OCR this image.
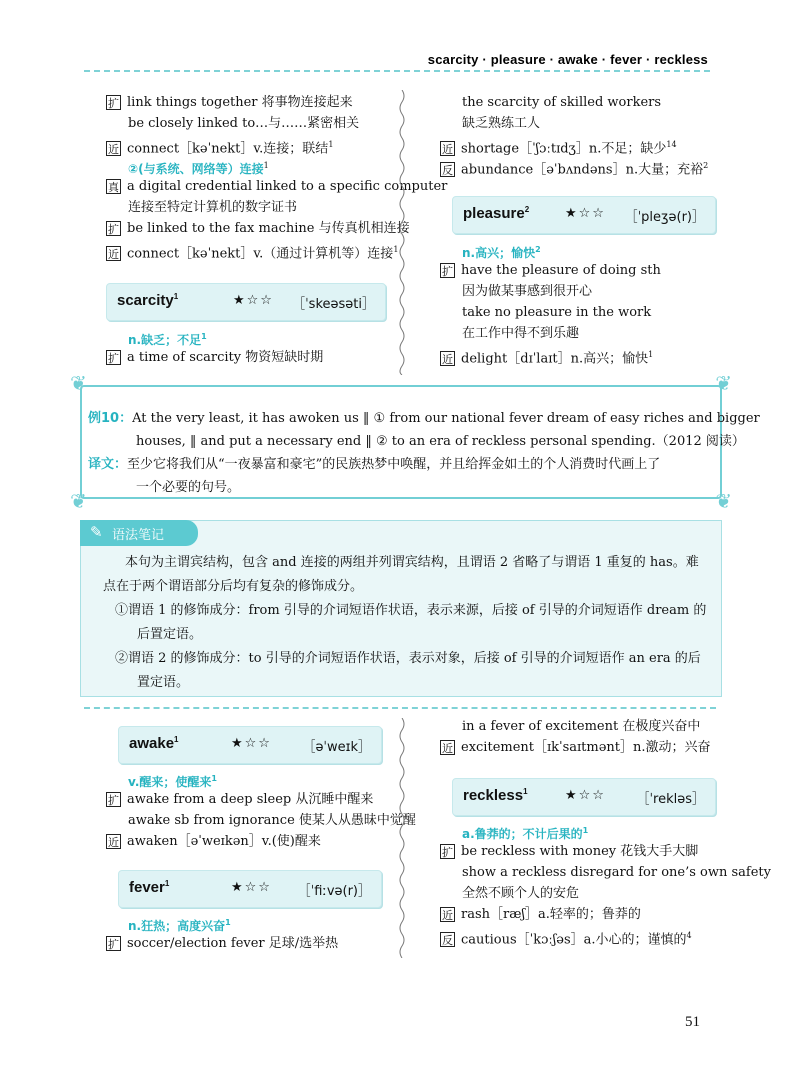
scarcity · pleasure · awake · fever · reckless
扩 link things together 将事物连接起来
be closely linked to…与……紧密相关
近 connect［kəˈnekt］v.连接；联结$^1$
②(与系统、网络等）连接$^1$
真 a digital credential linked to a specific computer
连接至特定计算机的数字证书
扩 be linked to the fax machine 与传真机相连接
近 connect［kəˈnekt］v.（通过计算机等）连接$^1$
scarcity$^1$	★☆☆ ［ˈskeəsəti］
n.缺乏；不足$^1$
扩 a time of scarcity 物资短缺时期
the scarcity of skilled workers
缺乏熟练工人
近 shortage［ˈʃɔːtɪdʒ］n.不足；缺少$^{14}$
反 abundance［əˈbʌndəns］n.大量；充裕$^2$
pleasure$^2$	★☆☆ ［ˈpleʒə(r)］
n.高兴；愉快$^2$
扩 have the pleasure of doing sth
因为做某事感到很开心
take no pleasure in the work
在工作中得不到乐趣
近 delight［dɪˈlaɪt］n.高兴；愉快$^1$
❦	❦
❦	❦
例10：At the very least, it has awoken us ‖ ① from our national fever dream of easy riches and bigger
houses, ‖ and put a necessary end ‖ ② to an era of reckless personal spending.（2012 阅读）
译文：至少它将我们从“一夜暴富和豪宅”的民族热梦中唤醒，并且给挥金如土的个人消费时代画上了
一个必要的句号。

本句为主谓宾结构，包含 and 连接的两组并列谓宾结构，且谓语 2 省略了与谓语 1 重复的 has。难

点在于两个谓语部分后均有复杂的修饰成分。

①谓语 1 的修饰成分：from 引导的介词短语作状语，表示来源，后接 of 引导的介词短语作 dream 的

后置定语。

②谓语 2 的修饰成分：to 引导的介词短语作状语，表示对象，后接 of 引导的介词短语作 an era 的后

置定语。

✎ 语法笔记
awake$^1$	★☆☆ ［əˈweɪk］
v.醒来；使醒来$^1$
扩 awake from a deep sleep 从沉睡中醒来
awake sb from ignorance 使某人从愚昧中觉醒
近 awaken［əˈweɪkən］v.(使)醒来
fever$^1$	★☆☆ ［ˈfiːvə(r)］
n.狂热；高度兴奋$^1$
扩 soccer/election fever 足球/选举热
in a fever of excitement 在极度兴奋中
近 excitement［ɪkˈsaɪtmənt］n.激动；兴奋
reckless$^1$	★☆☆ ［ˈrekləs］
a.鲁莽的；不计后果的$^1$
扩 be reckless with money 花钱大手大脚
show a reckless disregard for one’s own safety
全然不顾个人的安危
近 rash［ræʃ］a.轻率的；鲁莽的
反 cautious［ˈkɔːʃəs］a.小心的；谨慎的$^4$
51
